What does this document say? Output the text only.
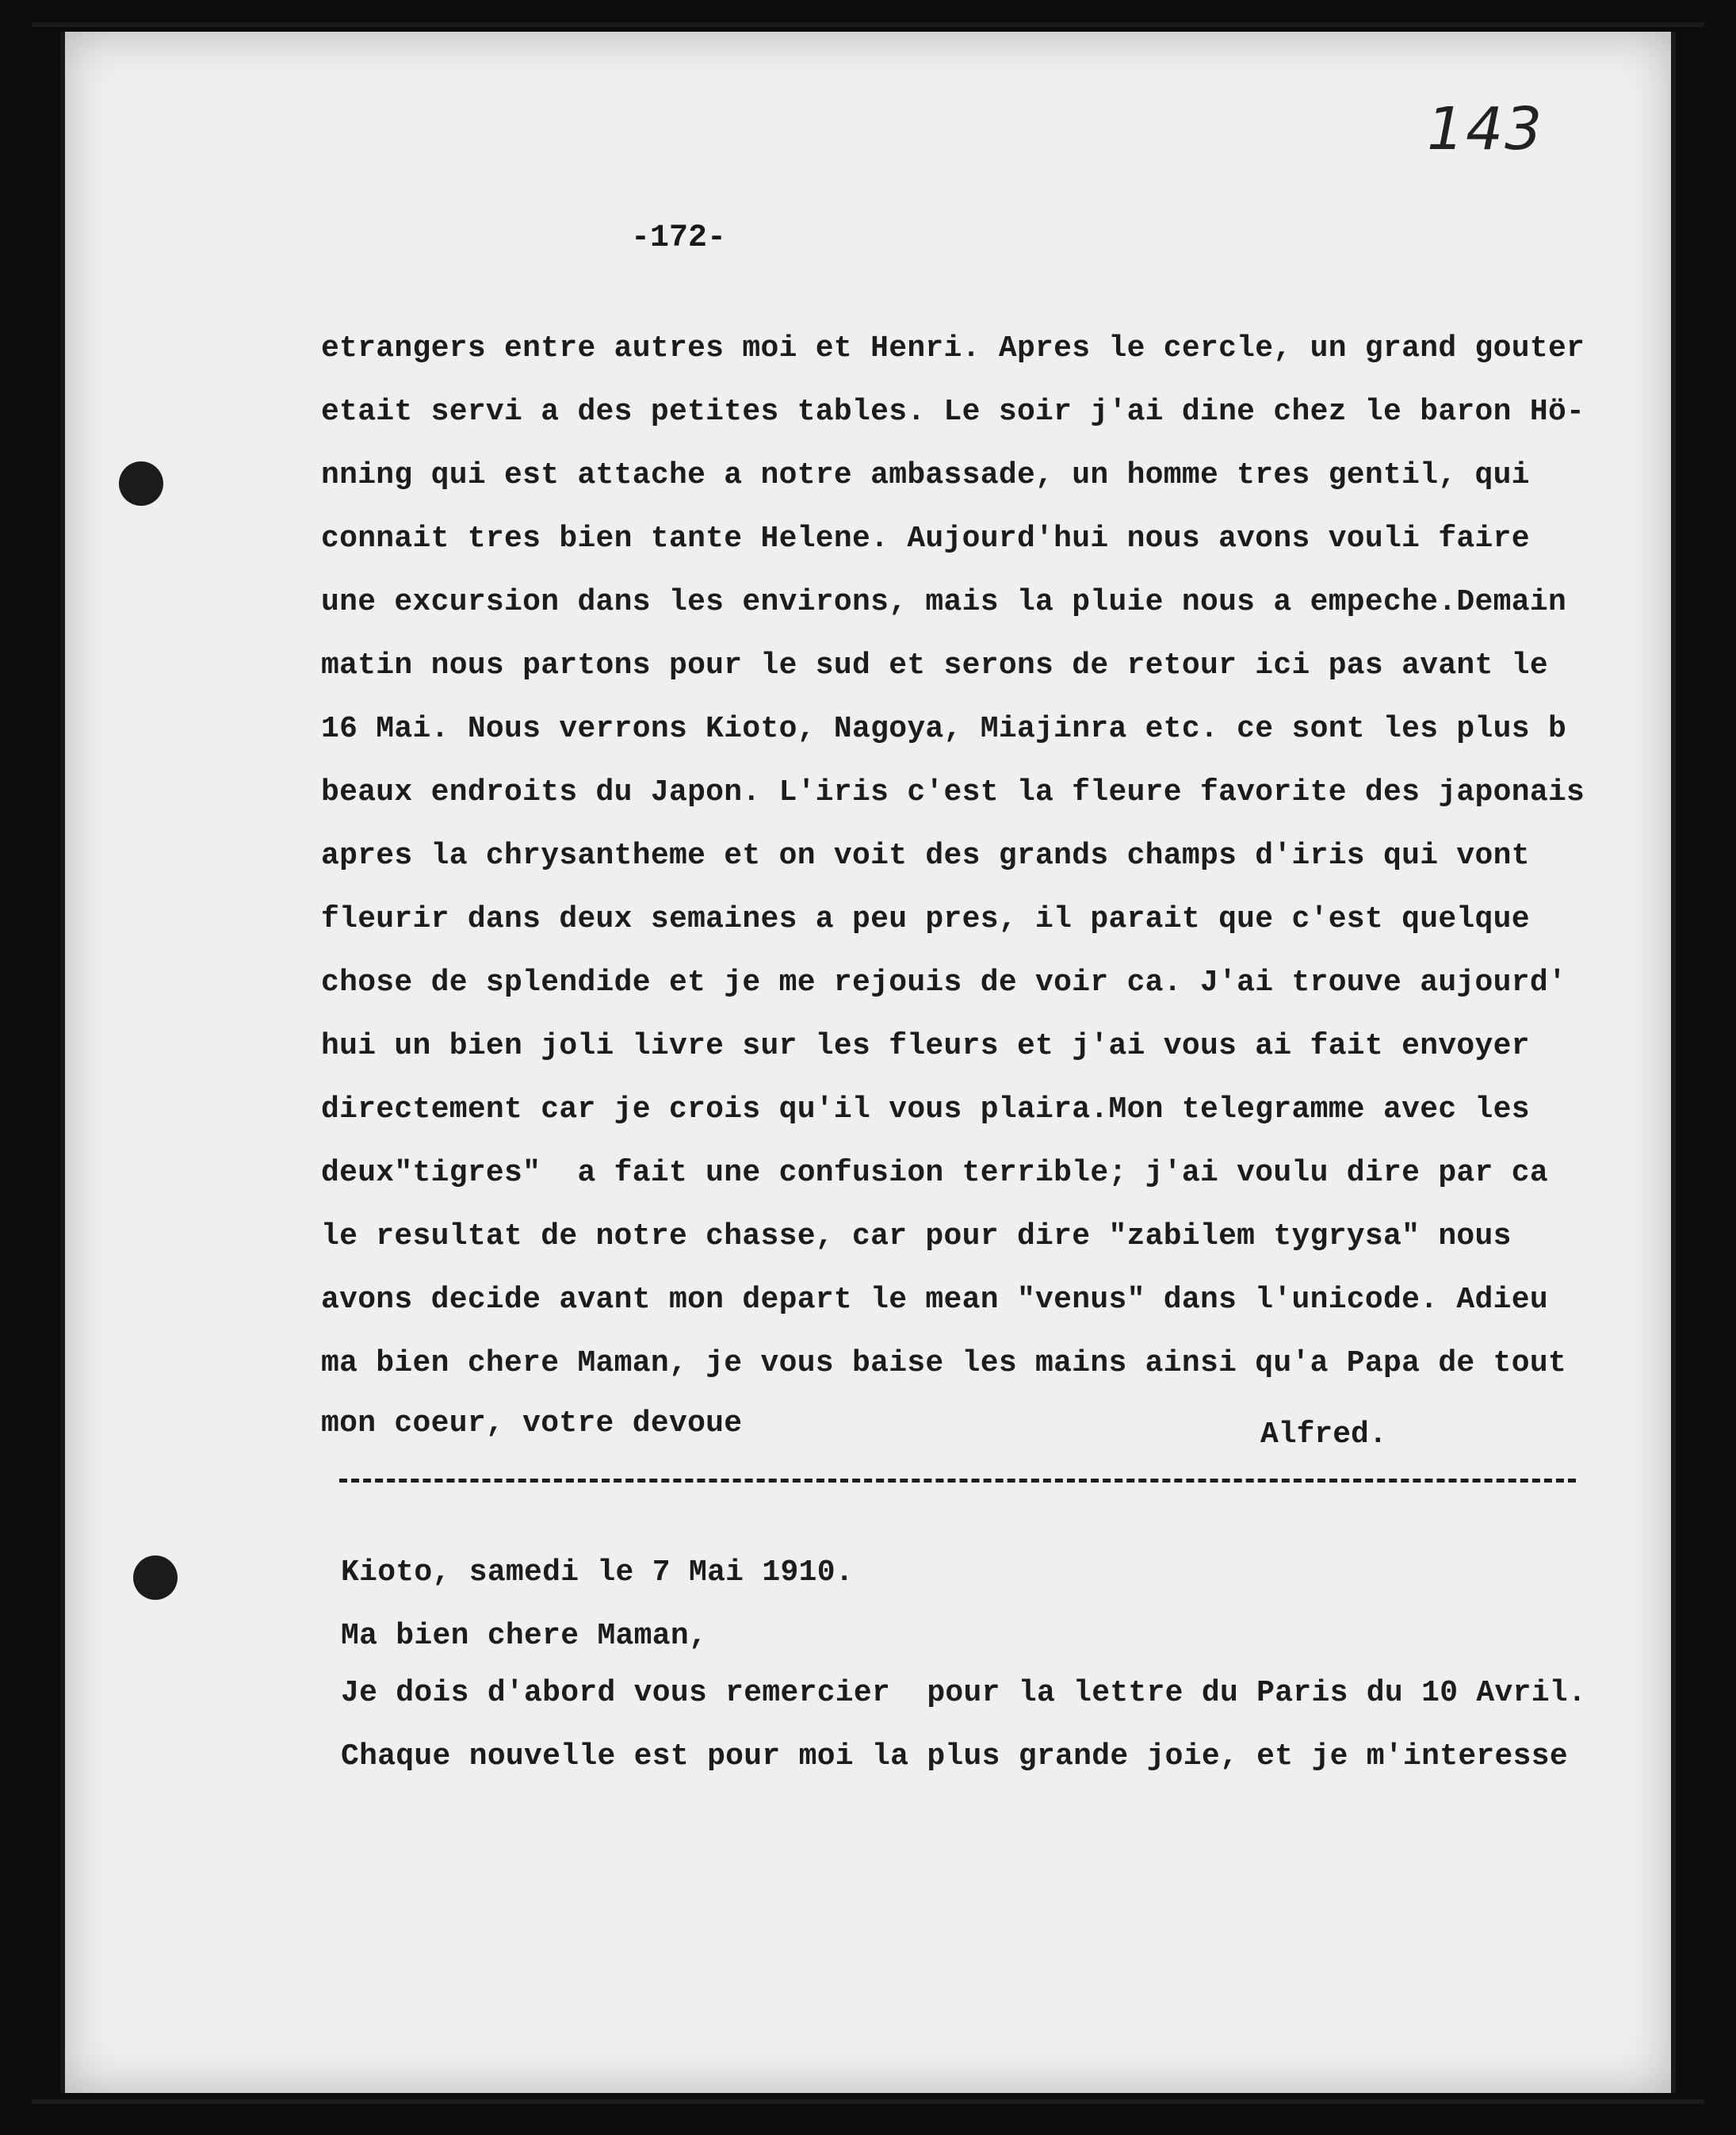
143
-172-
etrangers entre autres moi et Henri. Apres le cercle, un grand gouter
etait servi a des petites tables. Le soir j'ai dine chez le baron Hö-
nning qui est attache a notre ambassade, un homme tres gentil, qui
connait tres bien tante Helene. Aujourd'hui nous avons vouli faire
une excursion dans les environs, mais la pluie nous a empeche.Demain
matin nous partons pour le sud et serons de retour ici pas avant le
16 Mai. Nous verrons Kioto, Nagoya, Miajinra etc. ce sont les plus b
beaux endroits du Japon. L'iris c'est la fleure favorite des japonais
apres la chrysantheme et on voit des grands champs d'iris qui vont
fleurir dans deux semaines a peu pres, il parait que c'est quelque
chose de splendide et je me rejouis de voir ca. J'ai trouve aujourd'
hui un bien joli livre sur les fleurs et j'ai vous ai fait envoyer
directement car je crois qu'il vous plaira.Mon telegramme avec les
deux"tigres"  a fait une confusion terrible; j'ai voulu dire par ca
le resultat de notre chasse, car pour dire "zabilem tygrysa" nous
avons decide avant mon depart le mean "venus" dans l'unicode. Adieu
ma bien chere Maman, je vous baise les mains ainsi qu'a Papa de tout
mon coeur, votre devoue	Alfred.
Kioto, samedi le 7 Mai 1910.
Ma bien chere Maman,
Je dois d'abord vous remercier  pour la lettre du Paris du 10 Avril.
Chaque nouvelle est pour moi la plus grande joie, et je m'interesse
